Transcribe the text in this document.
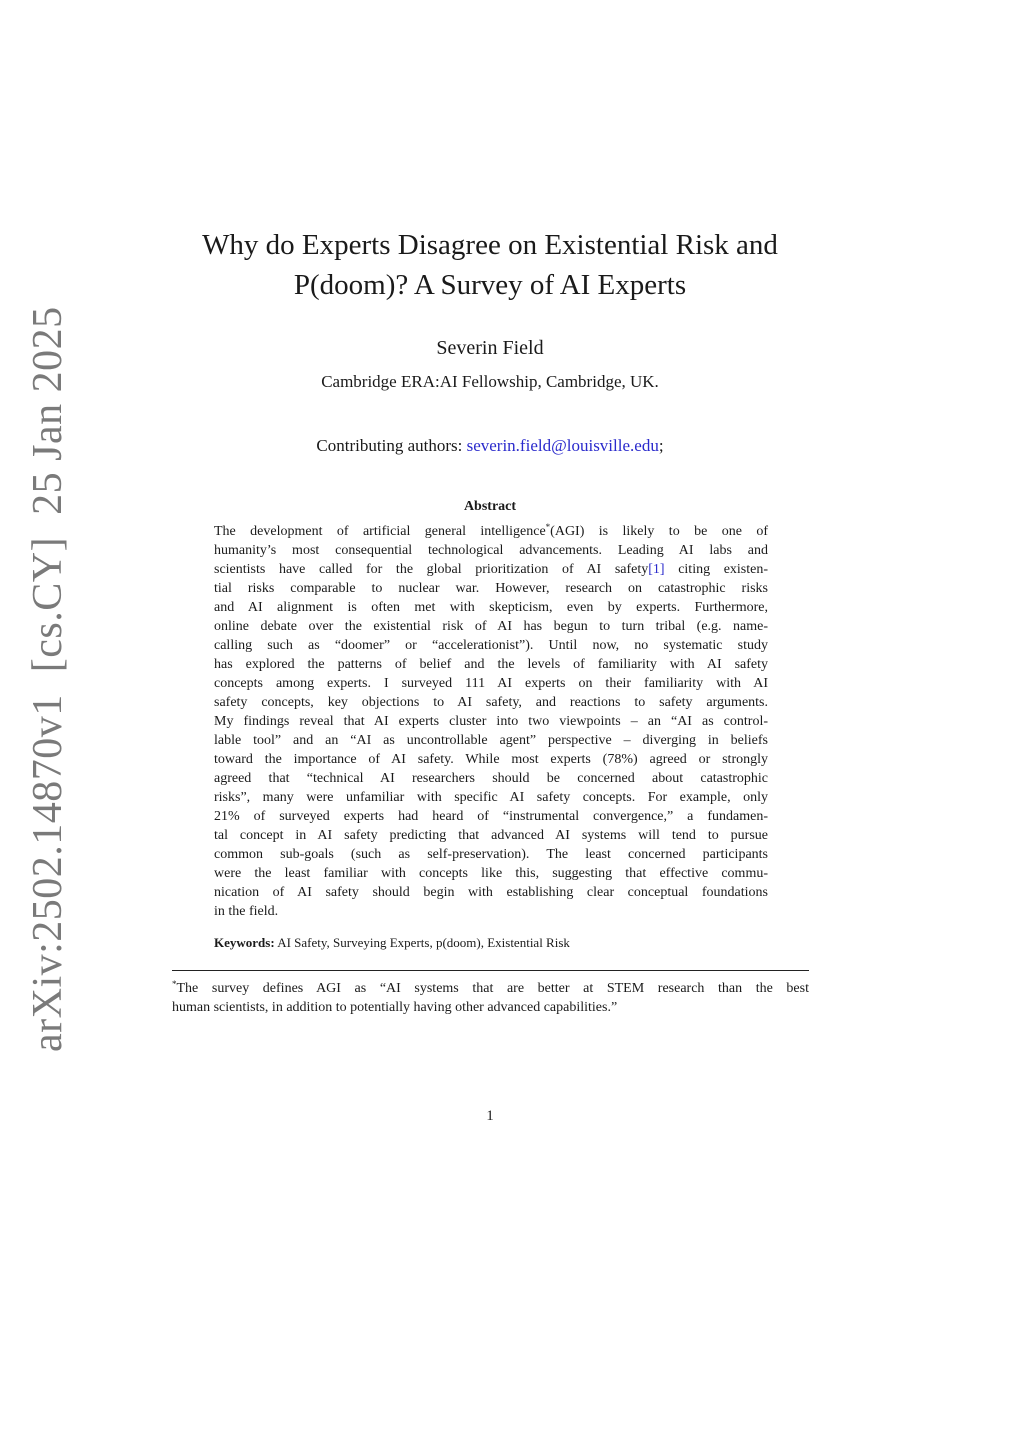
arXiv:2502.14870v1  [cs.CY]  25 Jan 2025
Why do Experts Disagree on Existential Risk and
P(doom)? A Survey of AI Experts
Severin Field
Cambridge ERA:AI Fellowship, Cambridge, UK.
Contributing authors: severin.field@louisville.edu;
Abstract
The development of artificial general intelligence*(AGI) is likely to be one of
humanity’s most consequential technological advancements. Leading AI labs and
scientists have called for the global prioritization of AI safety[1] citing existen-
tial risks comparable to nuclear war. However, research on catastrophic risks
and AI alignment is often met with skepticism, even by experts. Furthermore,
online debate over the existential risk of AI has begun to turn tribal (e.g. name-
calling such as “doomer” or “accelerationist”). Until now, no systematic study
has explored the patterns of belief and the levels of familiarity with AI safety
concepts among experts. I surveyed 111 AI experts on their familiarity with AI
safety concepts, key objections to AI safety, and reactions to safety arguments.
My findings reveal that AI experts cluster into two viewpoints – an “AI as control-
lable tool” and an “AI as uncontrollable agent” perspective – diverging in beliefs
toward the importance of AI safety. While most experts (78%) agreed or strongly
agreed that “technical AI researchers should be concerned about catastrophic
risks”, many were unfamiliar with specific AI safety concepts. For example, only
21% of surveyed experts had heard of “instrumental convergence,” a fundamen-
tal concept in AI safety predicting that advanced AI systems will tend to pursue
common sub-goals (such as self-preservation). The least concerned participants
were the least familiar with concepts like this, suggesting that effective commu-
nication of AI safety should begin with establishing clear conceptual foundations
in the field.
Keywords: AI Safety, Surveying Experts, p(doom), Existential Risk
*The survey defines AGI as “AI systems that are better at STEM research than the best
human scientists, in addition to potentially having other advanced capabilities.”
1
